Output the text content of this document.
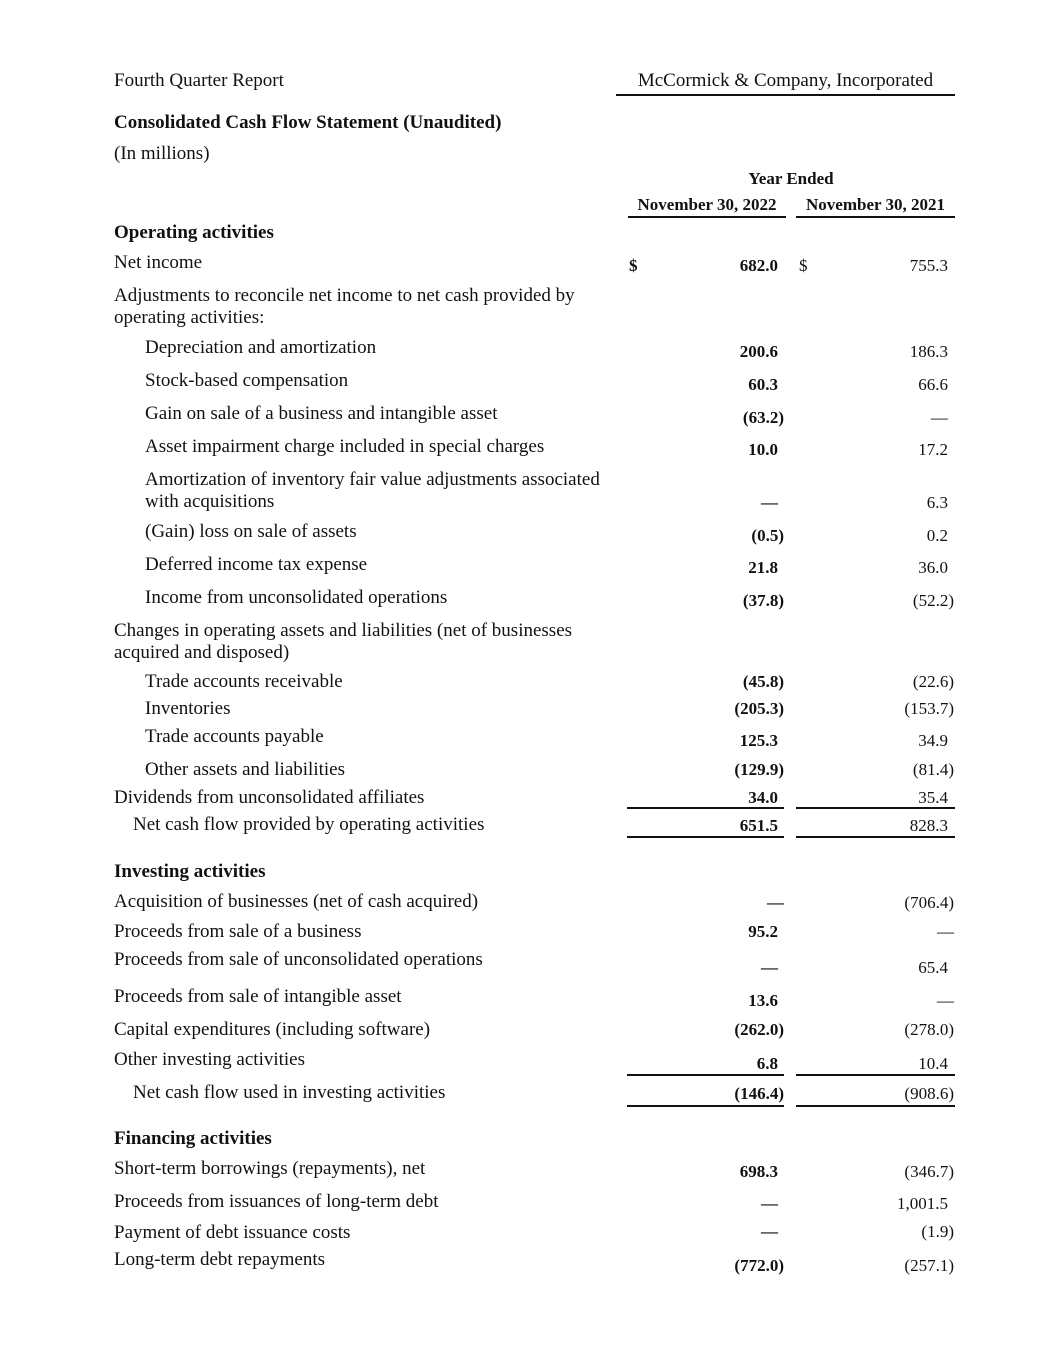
Fourth Quarter Report	McCormick & Company, Incorporated
Consolidated Cash Flow Statement (Unaudited)
(In millions)
Year Ended
November 30, 2022	November 30, 2021
Operating activities
Net income	$	682.0 $	755.3
Adjustments to reconcile net income to net cash provided by operating activities:
Depreciation and amortization	200.6	186.3
Stock-based compensation	60.3	66.6
Gain on sale of a business and intangible asset	(63.2)	—
Asset impairment charge included in special charges	10.0	17.2
Amortization of inventory fair value adjustments associated with acquisitions	—	6.3
(Gain) loss on sale of assets	(0.5)	0.2
Deferred income tax expense	21.8	36.0
Income from unconsolidated operations	(37.8)	(52.2)
Changes in operating assets and liabilities (net of businesses acquired and disposed)
Trade accounts receivable	(45.8)	(22.6)
Inventories	(205.3)	(153.7)
Trade accounts payable	125.3	34.9
Other assets and liabilities	(129.9)	(81.4)
Dividends from unconsolidated affiliates	34.0	35.4
Net cash flow provided by operating activities	651.5	828.3
Investing activities
Acquisition of businesses (net of cash acquired)	—	(706.4)
Proceeds from sale of a business	95.2	—
Proceeds from sale of unconsolidated operations	—	65.4
Proceeds from sale of intangible asset	13.6	—
Capital expenditures (including software)	(262.0)	(278.0)
Other investing activities	6.8	10.4
Net cash flow used in investing activities	(146.4)	(908.6)
Financing activities
Short-term borrowings (repayments), net	698.3	(346.7)
Proceeds from issuances of long-term debt	—	1,001.5
Payment of debt issuance costs	—	(1.9)
Long-term debt repayments	(772.0)	(257.1)
